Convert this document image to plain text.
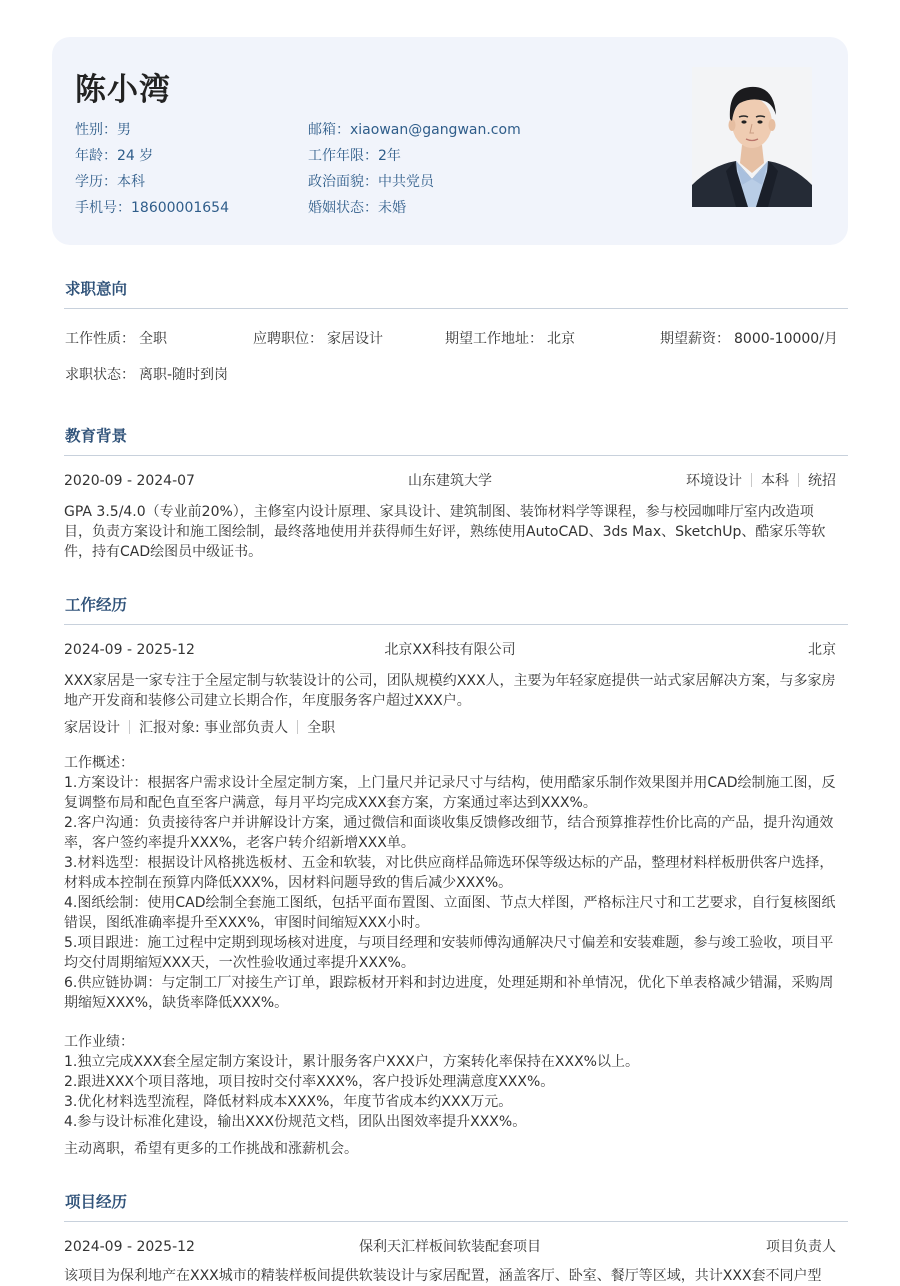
陈小湾
性别：男
年龄：24 岁
学历：本科
手机号：18600001654
邮箱：xiaowan@gangwan.com
工作年限：2年
政治面貌：中共党员
婚姻状态：未婚
求职意向
工作性质： 全职	应聘职位： 家居设计	期望工作地址： 北京	期望薪资： 8000-10000/月
求职状态： 离职-随时到岗
教育背景
2020-09 - 2024-07	山东建筑大学	环境设计 本科 统招
GPA 3.5/4.0（专业前20%），主修室内设计原理、家具设计、建筑制图、装饰材料学等课程，参与校园咖啡厅室内改造项目，负责方案设计和施工图绘制，最终落地使用并获得师生好评，熟练使用AutoCAD、3ds Max、SketchUp、酷家乐等软件，持有CAD绘图员中级证书。
工作经历
2024-09 - 2025-12	北京XX科技有限公司	北京
XXX家居是一家专注于全屋定制与软装设计的公司，团队规模约XXX人，主要为年轻家庭提供一站式家居解决方案，与多家房地产开发商和装修公司建立长期合作，年度服务客户超过XXX户。
家居设计 汇报对象: 事业部负责人 全职
工作概述：
1.方案设计：根据客户需求设计全屋定制方案，上门量尺并记录尺寸与结构，使用酷家乐制作效果图并用CAD绘制施工图，反复调整布局和配色直至客户满意，每月平均完成XXX套方案，方案通过率达到XXX%。
2.客户沟通：负责接待客户并讲解设计方案，通过微信和面谈收集反馈修改细节，结合预算推荐性价比高的产品，提升沟通效率，客户签约率提升XXX%，老客户转介绍新增XXX单。
3.材料选型：根据设计风格挑选板材、五金和软装，对比供应商样品筛选环保等级达标的产品，整理材料样板册供客户选择，材料成本控制在预算内降低XXX%，因材料问题导致的售后减少XXX%。
4.图纸绘制：使用CAD绘制全套施工图纸，包括平面布置图、立面图、节点大样图，严格标注尺寸和工艺要求，自行复核图纸错误，图纸准确率提升至XXX%，审图时间缩短XXX小时。
5.项目跟进：施工过程中定期到现场核对进度，与项目经理和安装师傅沟通解决尺寸偏差和安装难题，参与竣工验收，项目平均交付周期缩短XXX天，一次性验收通过率提升XXX%。
6.供应链协调：与定制工厂对接生产订单，跟踪板材开料和封边进度，处理延期和补单情况，优化下单表格减少错漏，采购周期缩短XXX%，缺货率降低XXX%。
工作业绩：
1.独立完成XXX套全屋定制方案设计，累计服务客户XXX户，方案转化率保持在XXX%以上。
2.跟进XXX个项目落地，项目按时交付率XXX%，客户投诉处理满意度XXX%。
3.优化材料选型流程，降低材料成本XXX%，年度节省成本约XXX万元。
4.参与设计标准化建设，输出XXX份规范文档，团队出图效率提升XXX%。
主动离职，希望有更多的工作挑战和涨薪机会。
项目经历
2024-09 - 2025-12	保利天汇样板间软装配套项目	项目负责人
该项目为保利地产在XXX城市的精装样板间提供软装设计与家居配置，涵盖客厅、卧室、餐厅等区域，共计XXX套不同户型
